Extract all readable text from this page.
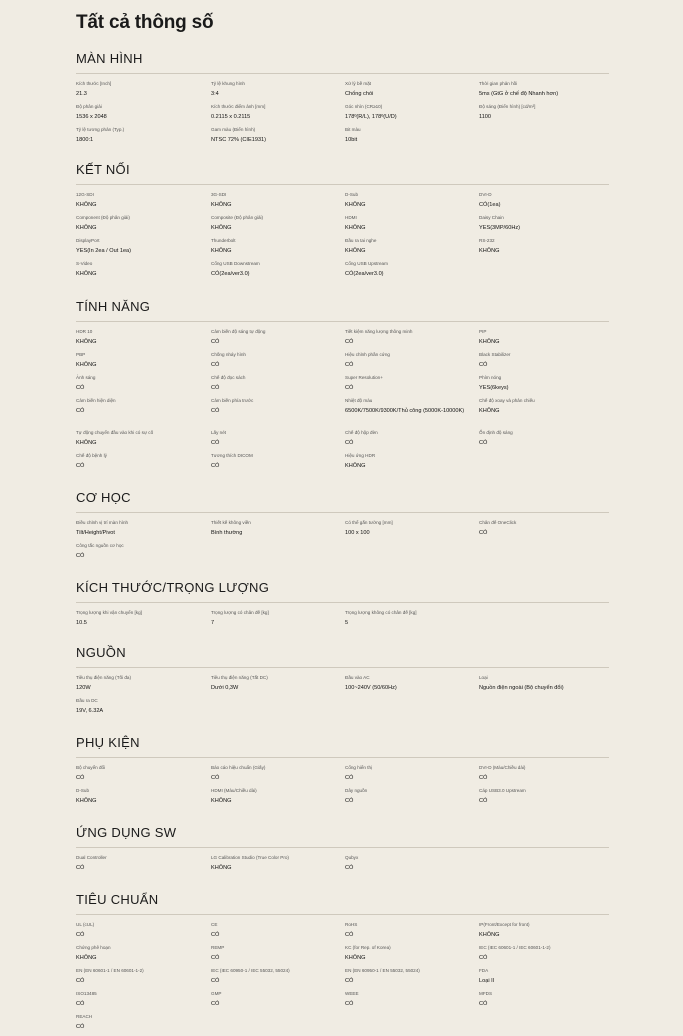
Tất cả thông số
MÀN HÌNH
Kích thước [Inch]
21.3
Tỷ lệ khung hình
3:4
Xử lý bề mặt
Chống chói
Thời gian phản hồi
5ms (GtG ở chế độ Nhanh hơn)
Độ phân giải
1536 x 2048
Kích thước điểm ảnh [mm]
0.2115 x 0.2115
Góc nhìn (CR≥10)
178º(R/L), 178º(U/D)
Độ sáng (Điển hình) [cd/m²]
1100
Tỷ lệ tương phản (Typ.)
1800:1
Gam màu (Điển hình)
NTSC 72% (CIE1931)
Bit màu
10bit
KẾT NỐI
12G-SDI
KHÔNG
3G-SDI
KHÔNG
D-Sub
KHÔNG
DVI-D
CÓ(1ea)
Component (Độ phân giải)
KHÔNG
Composite (Độ phân giải)
KHÔNG
HDMI
KHÔNG
Daisy Chain
YES(3MP/60Hz)
DisplayPort
YES(In 2ea / Out 1ea)
Thunderbolt
KHÔNG
Đầu ra tai nghe
KHÔNG
RS-232
KHÔNG
S-Video
KHÔNG
Cổng USB Downstream
CÓ(2ea/ver3.0)
Cổng USB Upstream
CÓ(2ea/ver3.0)
TÍNH NĂNG
HDR 10
KHÔNG
Cảm biến độ sáng tự động
CÓ
Tiết kiệm năng lượng thông minh
CÓ
PIP
KHÔNG
PBP
KHÔNG
Chống nháy hình
CÓ
Hiệu chỉnh phần cứng
CÓ
Black Stabilizer
CÓ
Ảnh sáng
CÓ
Chế độ đọc sách
CÓ
Super Resolution+
CÓ
Phím nóng
YES(6keys)
Cảm biến hiện diện
CÓ
Cảm biến phía trước
CÓ
Nhiệt độ màu
6500K/7500K/9300K/Thủ công (5000K-10000K)
Chế độ xoay và phản chiếu
KHÔNG
Tự động chuyển đầu vào khi có sự cố
KHÔNG
Lấy nét
CÓ
Chế độ hộp đèn
CÓ
Ổn định độ sáng
CÓ
Chế độ bệnh lý
CÓ
Tương thích DICOM
CÓ
Hiệu ứng HDR
KHÔNG
CƠ HỌC
Điều chỉnh vị trí màn hình
Tilt/Height/Pivot
Thiết kế không viền
Bình thường
Có thể gắn tường [mm]
100 x 100
Chân đế OneClick
CÓ
Công tắc nguồn cơ học
CÓ
KÍCH THƯỚC/TRỌNG LƯỢNG
Trọng lượng khi vận chuyển [kg]
10.5
Trọng lượng có chân đế [kg]
7
Trọng lượng không có chân đế [kg]
5
NGUỒN
Tiêu thụ điện năng (Tối đa)
120W
Tiêu thụ điện năng (Tắt DC)
Dưới 0,3W
Đầu vào AC
100~240V (50/60Hz)
Loại
Nguồn điện ngoài (Bộ chuyển đổi)
Đầu ra DC
19V, 6.32A
PHỤ KIỆN
Bộ chuyển đổi
CÓ
Báo cáo hiệu chuẩn (Giấy)
CÓ
Cổng hiển thị
CÓ
DVI-D (Màu/Chiều dài)
CÓ
D-Sub
KHÔNG
HDMI (Màu/Chiều dài)
KHÔNG
Dây nguồn
CÓ
Cáp USB3.0 Upstream
CÓ
ỨNG DỤNG SW
Dual Controller
CÓ
LG Calibration Studio (True Color Pro)
KHÔNG
Qubyx
CÓ
TIÊU CHUẨN
UL (cUL)
CÓ
CE
CÓ
RoHS
CÓ
IP(Front/Except for front)
KHÔNG
Chứng phê hoạn
KHÔNG
REMP
CÓ
KC (for Rep. of Korea)
KHÔNG
IEC (IEC 60601-1 / IEC 60601-1-2)
CÓ
EN (EN 60601-1 / EN 60601-1-2)
CÓ
IEC (IEC 60950-1 / IEC 55032, 55024)
CÓ
EN (EN 60950-1 / EN 55032, 55024)
CÓ
FDA
Loại II
ISO13485
CÓ
GMP
CÓ
WEEE
CÓ
MFDS
CÓ
REACH
CÓ
